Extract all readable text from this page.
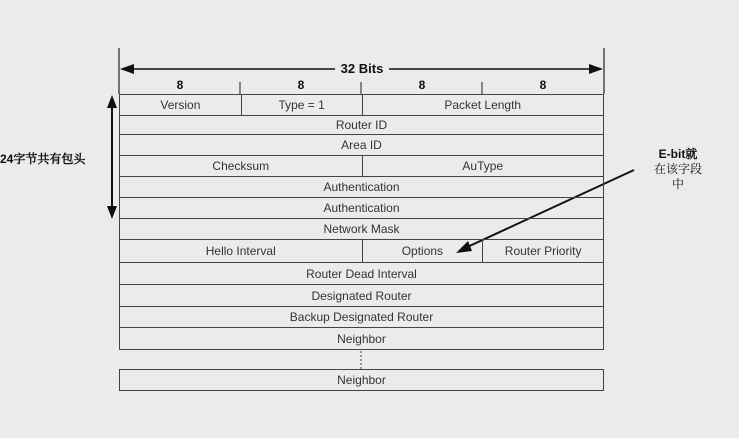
32 Bits
8	8	8	8
Version	Type = 1	Packet Length
Router ID
Area ID
Checksum	AuType
Authentication
Authentication
Network Mask
Hello Interval	Options	Router Priority
Router Dead Interval
Designated Router
Backup Designated Router
Neighbor
Neighbor
24字节共有包头	E-bit就
在该字段
中
